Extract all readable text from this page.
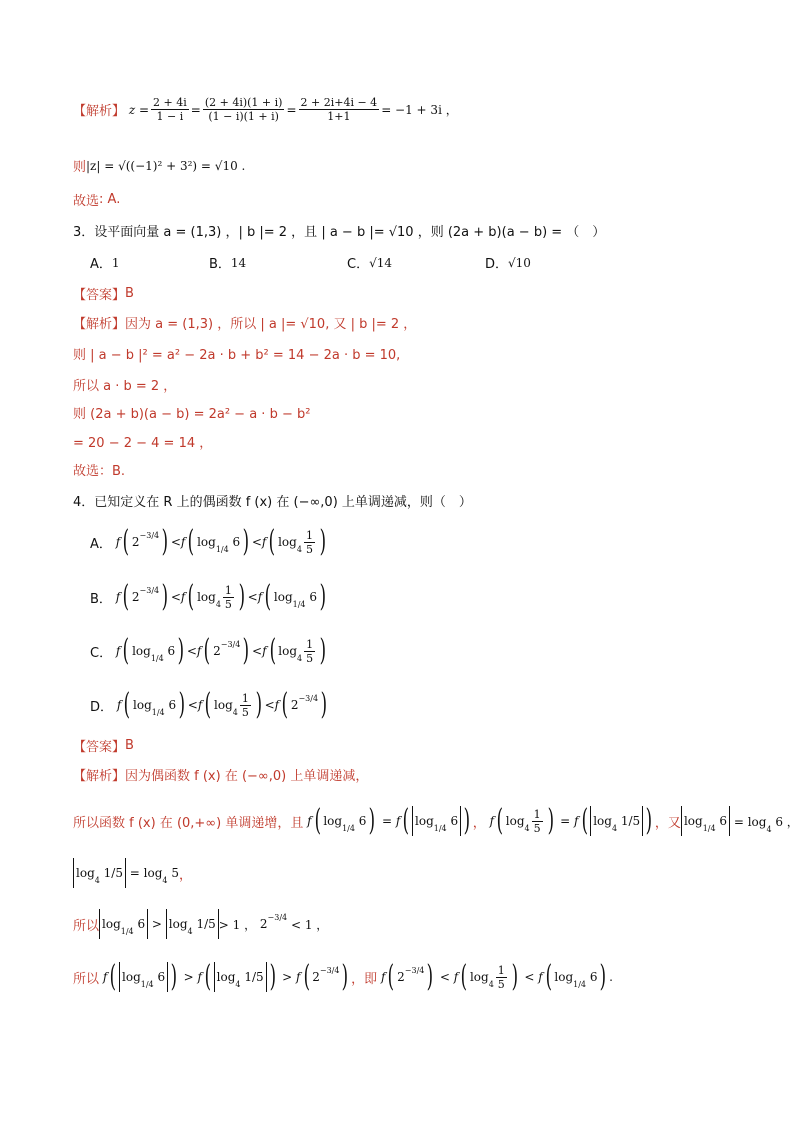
【解析】 $z = \frac{2 + 4i}{1 - i} = \frac{(2 + 4i)(1 + i)}{(1 - i)(1 + i)} = \frac{2 + 2i+4i - 4}{1+1} = -1 + 3i$ ，
则 |z| = √((−1)² + 3²) = √10 .
故选 : A.
3．设平面向量 a = (1,3) ，| b |= 2 ，且 | a − b |= √10 ，则 (2a + b)(a − b) = （　）
A． 1	B． 14	C． √14	D． √10
【答案】 B
【解析】 因为 a = (1,3) ，所以 | a |= √10, 又 | b |= 2 ，
则 | a − b |² = a² − 2a · b + b² = 14 − 2a · b = 10,
所以 a · b = 2 ，
则 (2a + b)(a − b) = 2a² − a · b − b²
= 20 − 2 − 4 = 14 ，
故选：B.
4．已知定义在 R 上的偶函数 f (x) 在 (−∞,0) 上单调递减，则（　）
A． f ( $2^{-3/4}$ ) < f ( $\log_{1/4} 6$ ) < f ( $\log_4 \frac{1}{5}$ )
B． f ( $2^{-3/4}$ ) < f ( $\log_4 \frac{1}{5}$ ) < f ( $\log_{1/4} 6$ )
C． f ( $\log_{1/4} 6$ ) < f ( $2^{-3/4}$ ) < f ( $\log_4 \frac{1}{5}$ )
D． f ( $\log_{1/4} 6$ ) < f ( $\log_4 \frac{1}{5}$ ) < f ( $2^{-3/4}$ )
【答案】 B
【解析】 因为偶函数 f (x) 在 (−∞,0) 上单调递减，
所以函数 f (x) 在 (0,+∞) 单调递增，且 f ( $\log_{1/4} 6$ ) = f ( $\log_{1/4} 6$ ) ， f ( $\log_4 \frac{1}{5}$ ) = f ( $\log_4 1/5$ ) ，又 $\log_{1/4} 6 = \log_4 6$ ，
$\log_4 1/5 = \log_4 5$ ，
所以 $\log_{1/4} 6 > \log_4 1/5 > 1$ ， $2^{-3/4} < 1$ ，
所以 f ( $\log_{1/4} 6$ ) > f ( $\log_4 1/5$ ) > f ( $2^{-3/4}$ ) ，即 f ( $2^{-3/4}$ ) < f ( $\log_4 \frac{1}{5}$ ) < f ( $\log_{1/4} 6$ ) .
